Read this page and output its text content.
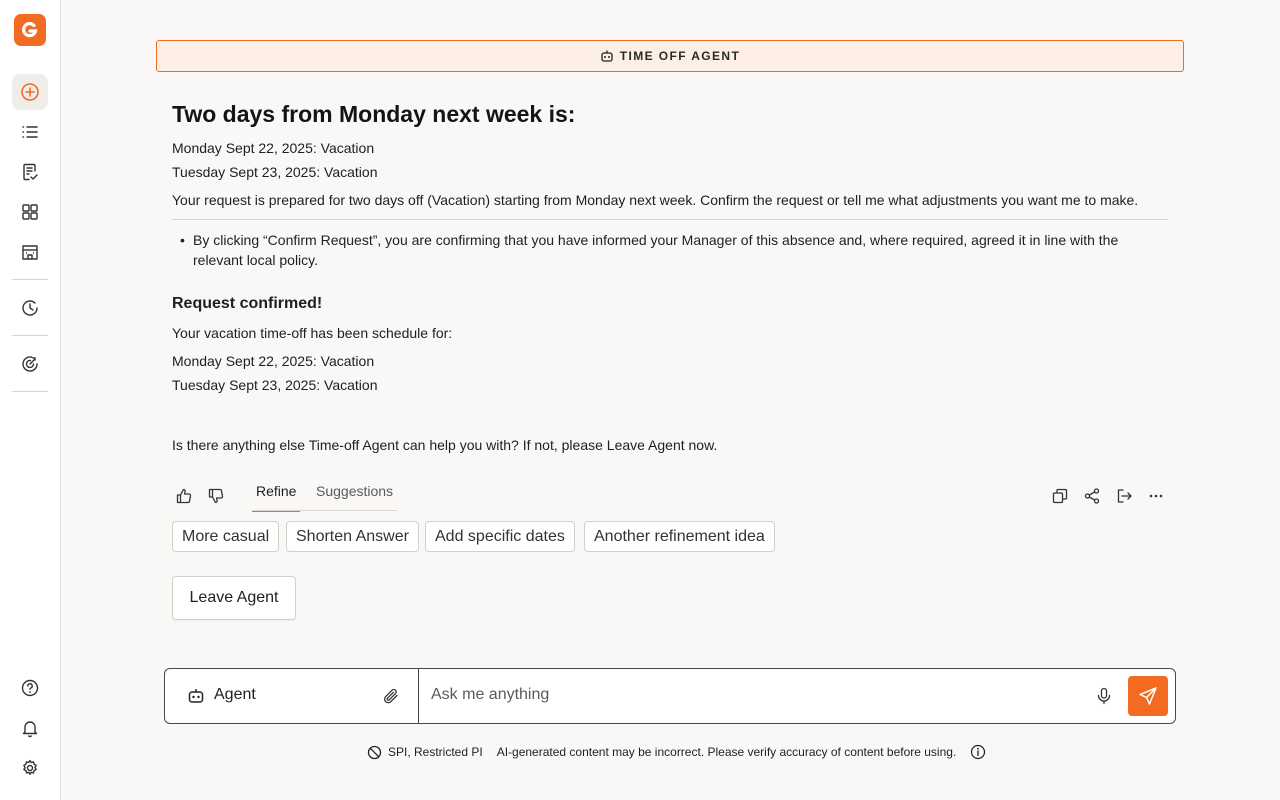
TIME OFF AGENT
Two days from Monday next week is:
Monday Sept 22, 2025: Vacation
Tuesday Sept 23, 2025: Vacation
Your request is prepared for two days off (Vacation) starting from Monday next week. Confirm the request or tell me what adjustments you want me to make.
• By clicking “Confirm Request”, you are confirming that you have informed your Manager of this absence and, where required, agreed it in line with the relevant local policy.
Request confirmed!
Your vacation time-off has been schedule for:
Monday Sept 22, 2025: Vacation
Tuesday Sept 23, 2025: Vacation
Is there anything else Time-off Agent can help you with? If not, please Leave Agent now.
Refine Suggestions
More casual	Shorten Answer	Add specific dates	Another refinement idea
Leave Agent
Agent
Ask me anything
SPI, Restricted PI AI-generated content may be incorrect. Please verify accuracy of content before using.
